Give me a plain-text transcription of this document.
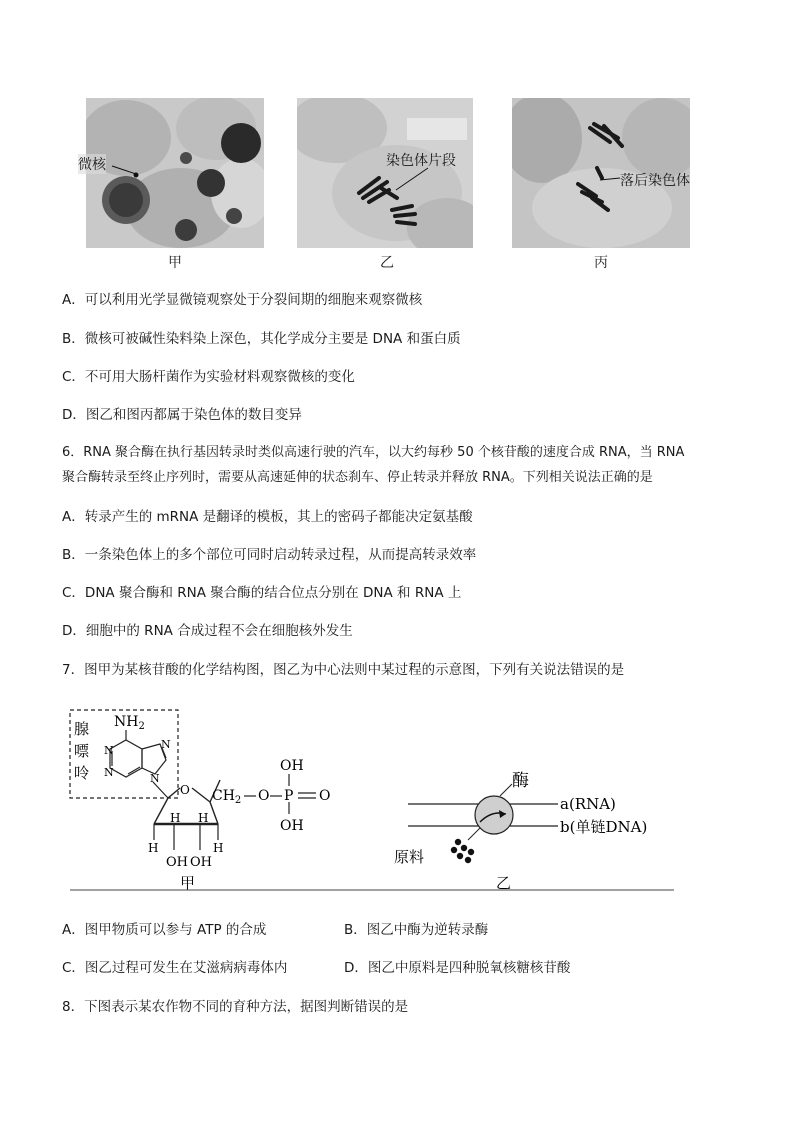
微核
甲
染色体片段
乙
落后染色体
丙
A．可以利用光学显微镜观察处于分裂间期的细胞来观察微核
B．微核可被碱性染料染上深色，其化学成分主要是 DNA 和蛋白质
C．不可用大肠杆菌作为实验材料观察微核的变化
D．图乙和图丙都属于染色体的数目变异
6．RNA 聚合酶在执行基因转录时类似高速行驶的汽车，以大约每秒 50 个核苷酸的速度合成 RNA，当 RNA
聚合酶转录至终止序列时，需要从高速延伸的状态刹车、停止转录并释放 RNA。下列相关说法正确的是
A．转录产生的 mRNA 是翻译的模板，其上的密码子都能决定氨基酸
B．一条染色体上的多个部位可同时启动转录过程，从而提高转录效率
C．DNA 聚合酶和 RNA 聚合酶的结合位点分别在 DNA 和 RNA 上
D．细胞中的 RNA 合成过程不会在细胞核外发生
7．图甲为某核苷酸的化学结构图，图乙为中心法则中某过程的示意图，下列有关说法错误的是
腺
嘌
呤
$NH_2$
N
N
N
N
O
H H
H	H
OH OH
$CH_2$ O P
OH
OH
O
甲
酶
a(RNA)
b(单链DNA)
原料
乙
A．图甲物质可以参与 ATP 的合成	B．图乙中酶为逆转录酶
C．图乙过程可发生在艾滋病病毒体内	D．图乙中原料是四种脱氧核糖核苷酸
8．下图表示某农作物不同的育种方法，据图判断错误的是
